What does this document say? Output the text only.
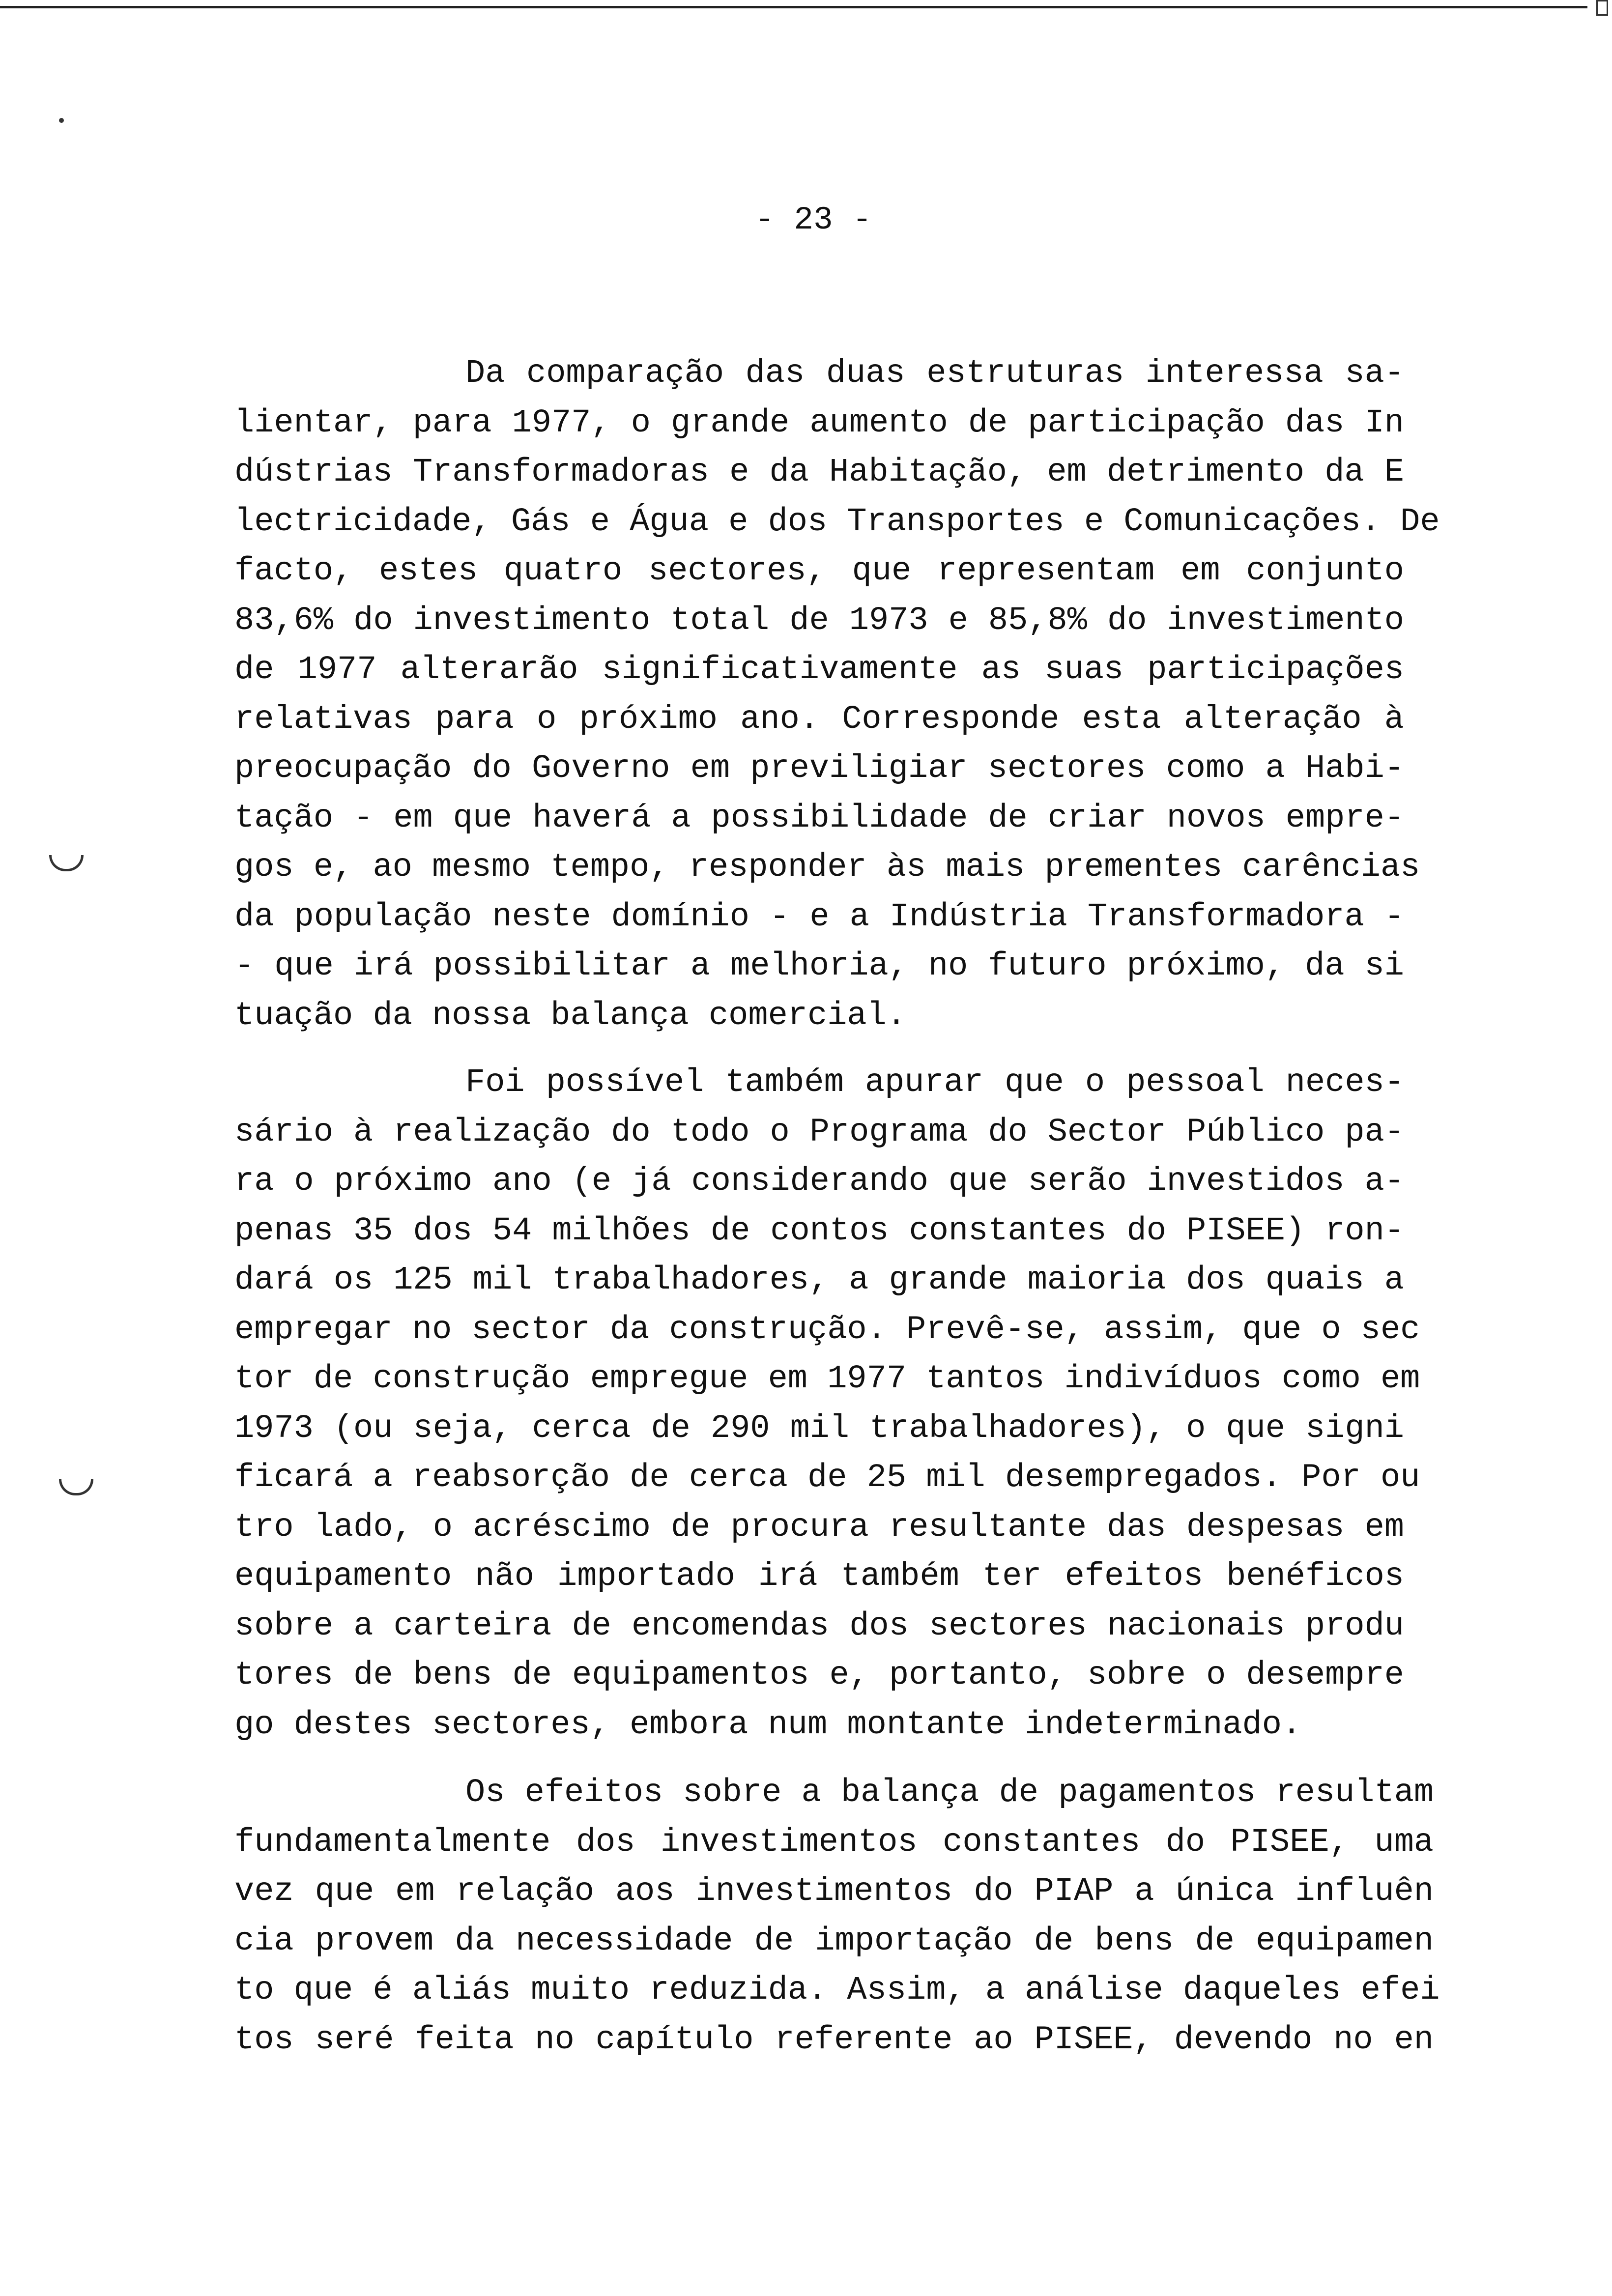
- 23 -
Da comparação das duas estruturas interessa sa-
lientar, para 1977, o grande aumento de participação das In
dústrias Transformadoras e da Habitação, em detrimento da E
lectricidade, Gás e Água e dos Transportes e Comunicações. De
facto, estes quatro sectores, que representam em conjunto
83,6% do investimento total de 1973 e 85,8% do investimento
de 1977 alterarão significativamente as suas participações
relativas para o próximo ano. Corresponde esta alteração à
preocupação do Governo em previligiar sectores como a Habi-
tação - em que haverá a possibilidade de criar novos empre-
gos e, ao mesmo tempo, responder às mais prementes carências
da população neste domínio - e a Indústria Transformadora -
- que irá possibilitar a melhoria, no futuro próximo, da si
tuação da nossa balança comercial.
Foi possível também apurar que o pessoal neces-
sário à realização do todo o Programa do Sector Público pa-
ra o próximo ano (e já considerando que serão investidos a-
penas 35 dos 54 milhões de contos constantes do PISEE) ron-
dará os 125 mil trabalhadores, a grande maioria dos quais a
empregar no sector da construção. Prevê-se, assim, que o sec
tor de construção empregue em 1977 tantos indivíduos como em
1973 (ou seja, cerca de 290 mil trabalhadores), o que signi
ficará a reabsorção de cerca de 25 mil desempregados. Por ou
tro lado, o acréscimo de procura resultante das despesas em
equipamento não importado irá também ter efeitos benéficos
sobre a carteira de encomendas dos sectores nacionais produ
tores de bens de equipamentos e, portanto, sobre o desempre
go destes sectores, embora num montante indeterminado.
Os efeitos sobre a balança de pagamentos resultam
fundamentalmente dos investimentos constantes do PISEE, uma
vez que em relação aos investimentos do PIAP a única influên
cia provem da necessidade de importação de bens de equipamen
to que é aliás muito reduzida. Assim, a análise daqueles efei
tos seré feita no capítulo referente ao PISEE, devendo no en
